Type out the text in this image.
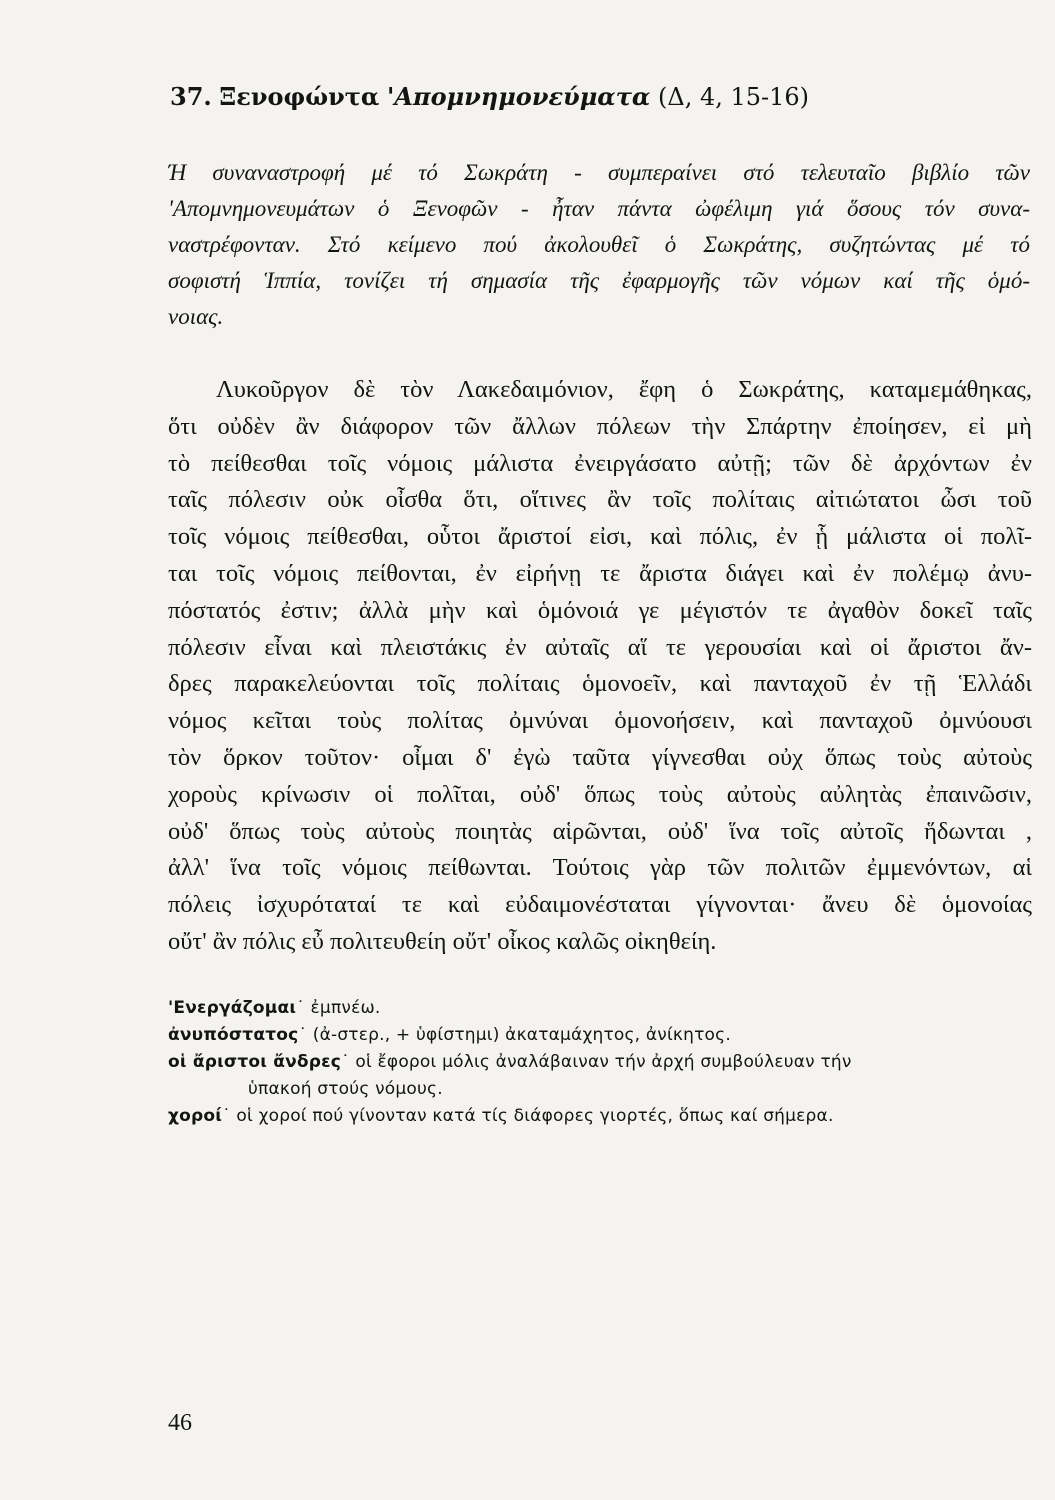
37. Ξενοφώντα 'Απομνημονεύματα (Δ, 4, 15-16)
Ή συναναστροφή μέ τό Σωκράτη - συμπεραίνει στό τελευταῖο βιβλίο τῶν
'Απομνημονευμάτων ὁ Ξενοφῶν - ἦταν πάντα ὠφέλιμη γιά ὅσους τόν συνα-
ναστρέφονταν. Στό κείμενο πού ἀκολουθεῖ ὁ Σωκράτης, συζητώντας μέ τό
σοφιστή Ἱππία, τονίζει τή σημασία τῆς ἐφαρμογῆς τῶν νόμων καί τῆς ὁμό-
νοιας.
Λυκοῦργον δὲ τὸν Λακεδαιμόνιον, ἔφη ὁ Σωκράτης, καταμεμάθηκας,
ὅτι οὐδὲν ἂν διάφορον τῶν ἄλλων πόλεων τὴν Σπάρτην ἐποίησεν, εἰ μὴ
τὸ πείθεσθαι τοῖς νόμοις μάλιστα ἐνειργάσατο αὐτῇ; τῶν δὲ ἀρχόντων ἐν
ταῖς πόλεσιν οὐκ οἶσθα ὅτι, οἵτινες ἂν τοῖς πολίταις αἰτιώτατοι ὦσι τοῦ
τοῖς νόμοις πείθεσθαι, οὗτοι ἄριστοί εἰσι, καὶ πόλις, ἐν ᾗ μάλιστα οἱ πολῖ-
ται τοῖς νόμοις πείθονται, ἐν εἰρήνῃ τε ἄριστα διάγει καὶ ἐν πολέμῳ ἀνυ-
πόστατός ἐστιν; ἀλλὰ μὴν καὶ ὁμόνοιά γε μέγιστόν τε ἀγαθὸν δοκεῖ ταῖς
πόλεσιν εἶναι καὶ πλειστάκις ἐν αὐταῖς αἵ τε γερουσίαι καὶ οἱ ἄριστοι ἄν-
δρες παρακελεύονται τοῖς πολίταις ὁμονοεῖν, καὶ πανταχοῦ ἐν τῇ Ἑλλάδι
νόμος κεῖται τοὺς πολίτας ὀμνύναι ὁμονοήσειν, καὶ πανταχοῦ ὀμνύουσι
τὸν ὅρκον τοῦτον· οἶμαι δ' ἐγὼ ταῦτα γίγνεσθαι οὐχ ὅπως τοὺς αὐτοὺς
χοροὺς κρίνωσιν οἱ πολῖται, οὐδ' ὅπως τοὺς αὐτοὺς αὐλητὰς ἐπαινῶσιν,
οὐδ' ὅπως τοὺς αὐτοὺς ποιητὰς αἱρῶνται, οὐδ' ἵνα τοῖς αὐτοῖς ἥδωνται ,
ἀλλ' ἵνα τοῖς νόμοις πείθωνται. Τούτοις γὰρ τῶν πολιτῶν ἐμμενόντων, αἱ
πόλεις ἰσχυρόταταί τε καὶ εὐδαιμονέσταται γίγνονται· ἄνευ δὲ ὁμονοίας
οὔτ' ἂν πόλις εὖ πολιτευθείη οὔτ' οἶκος καλῶς οἰκηθείη.
'Ενεργάζομαι˙ ἐμπνέω.
ἀνυπόστατος˙ (ἀ-στερ., + ὑφίστημι) ἀκαταμάχητος, ἀνίκητος.
οἱ ἄριστοι ἄνδρες˙ οἱ ἔφοροι μόλις ἀναλάβαιναν τήν ἀρχή συμβούλευαν τήν
ὑπακοή στούς νόμους.
χοροί˙ οἱ χοροί πού γίνονταν κατά τίς διάφορες γιορτές, ὅπως καί σήμερα.
46
